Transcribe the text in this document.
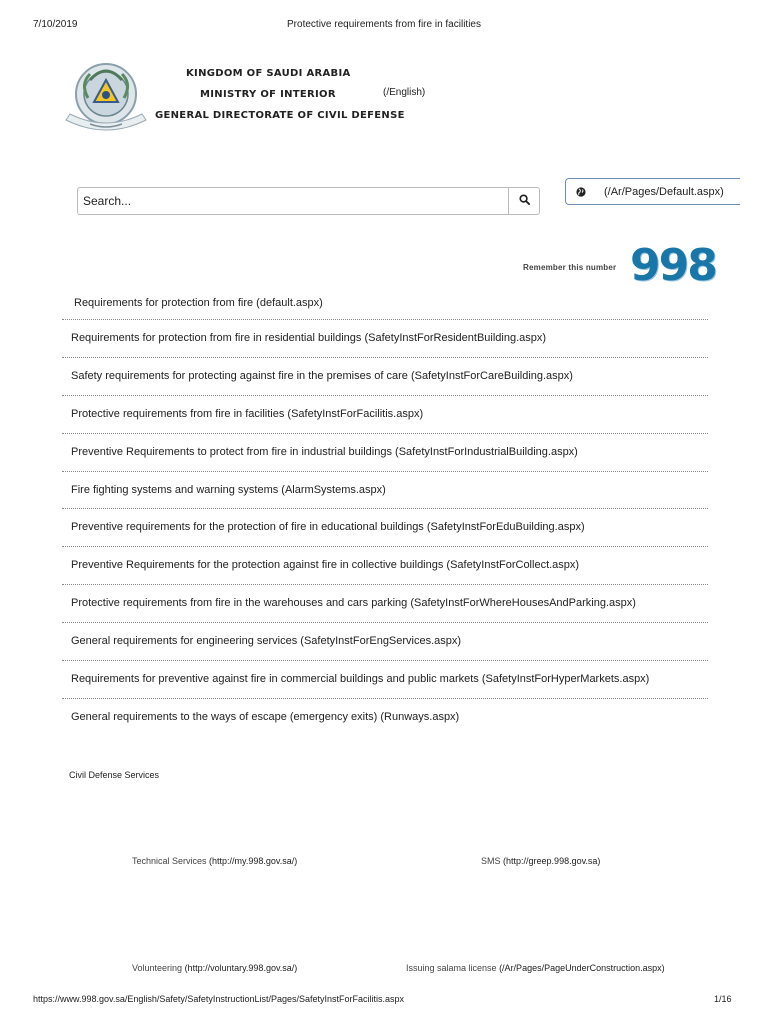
7/10/2019	Protective requirements from fire in facilities
KINGDOM OF SAUDI ARABIA
MINISTRY OF INTERIOR
GENERAL DIRECTORATE OF CIVIL DEFENSE
(/English)
Search...
(/Ar/Pages/Default.aspx)
Remember this number 998
Requirements for protection from fire (default.aspx)
Requirements for protection from fire in residential buildings (SafetyInstForResidentBuilding.aspx)
Safety requirements for protecting against fire in the premises of care (SafetyInstForCareBuilding.aspx)
Protective requirements from fire in facilities (SafetyInstForFacilitis.aspx)
Preventive Requirements to protect from fire in industrial buildings (SafetyInstForIndustrialBuilding.aspx)
Fire fighting systems and warning systems (AlarmSystems.aspx)
Preventive requirements for the protection of fire in educational buildings (SafetyInstForEduBuilding.aspx)
Preventive Requirements for the protection against fire in collective buildings (SafetyInstForCollect.aspx)
Protective requirements from fire in the warehouses and cars parking (SafetyInstForWhereHousesAndParking.aspx)
General requirements for engineering services (SafetyInstForEngServices.aspx)
Requirements for preventive against fire in commercial buildings and public markets (SafetyInstForHyperMarkets.aspx)
General requirements to the ways of escape (emergency exits) (Runways.aspx)
Civil Defense Services
Technical Services (http://my.998.gov.sa/)	SMS (http://greep.998.gov.sa)
Volunteering (http://voluntary.998.gov.sa/)	Issuing salama license (/Ar/Pages/PageUnderConstruction.aspx)
https://www.998.gov.sa/English/Safety/SafetyInstructionList/Pages/SafetyInstForFacilitis.aspx	1/16
